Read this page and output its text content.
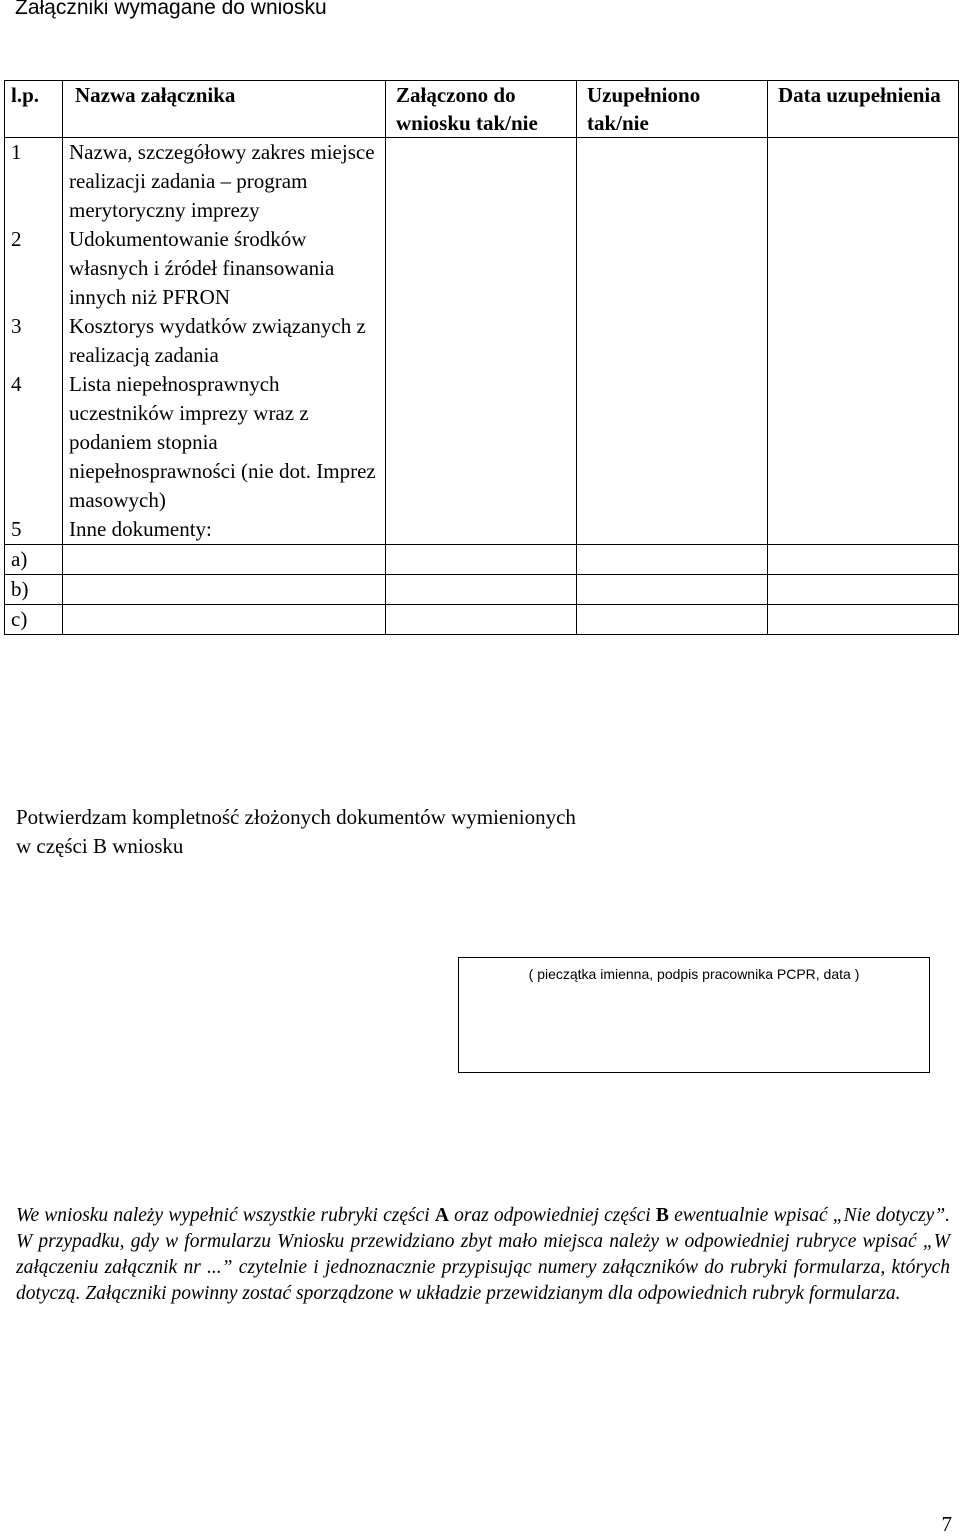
Załączniki wymagane do wniosku
l.p.	Nazwa załącznika	Załączono do wniosku tak/nie	Uzupełniono tak/nie	Data uzupełnienia
1	Nazwa, szczegółowy zakres miejsce realizacji zadania – program merytoryczny imprezy			
2	Udokumentowanie środków własnych i źródeł finansowania innych niż PFRON			
3	Kosztorys wydatków związanych z realizacją zadania			
4	Lista niepełnosprawnych uczestników imprezy wraz z podaniem stopnia niepełnosprawności (nie dot. Imprez masowych)			
5	Inne dokumenty:			
a)				
b)				
c)				
Potwierdzam kompletność złożonych dokumentów wymienionych w części B wniosku
( pieczątka imienna, podpis pracownika PCPR, data )
We wniosku należy wypełnić wszystkie rubryki części A oraz odpowiedniej części B ewentualnie wpisać „Nie dotyczy”. W przypadku, gdy w formularzu Wniosku przewidziano zbyt mało miejsca należy w odpowiedniej rubryce wpisać „W załączeniu załącznik nr ...” czytelnie i jednoznacznie przypisując numery załączników do rubryki formularza, których dotyczą. Załączniki powinny zostać sporządzone w układzie przewidzianym dla odpowiednich rubryk formularza.
7
